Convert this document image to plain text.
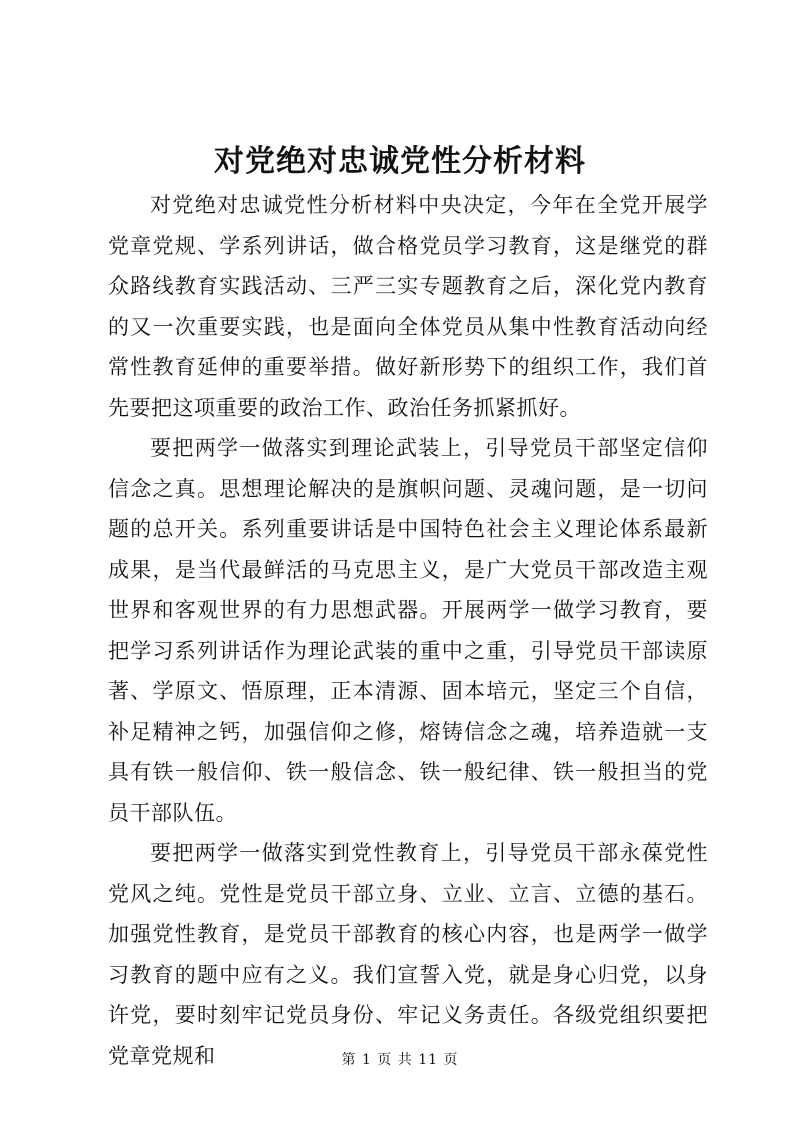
对党绝对忠诚党性分析材料

对党绝对忠诚党性分析材料中央决定，今年在全党开展学党章党规、学系列讲话，做合格党员学习教育，这是继党的群众路线教育实践活动、三严三实专题教育之后，深化党内教育的又一次重要实践，也是面向全体党员从集中性教育活动向经常性教育延伸的重要举措。做好新形势下的组织工作，我们首先要把这项重要的政治工作、政治任务抓紧抓好。

要把两学一做落实到理论武装上，引导党员干部坚定信仰信念之真。思想理论解决的是旗帜问题、灵魂问题，是一切问题的总开关。系列重要讲话是中国特色社会主义理论体系最新成果，是当代最鲜活的马克思主义，是广大党员干部改造主观世界和客观世界的有力思想武器。开展两学一做学习教育，要把学习系列讲话作为理论武装的重中之重，引导党员干部读原著、学原文、悟原理，正本清源、固本培元，坚定三个自信，补足精神之钙，加强信仰之修，熔铸信念之魂，培养造就一支具有铁一般信仰、铁一般信念、铁一般纪律、铁一般担当的党员干部队伍。

要把两学一做落实到党性教育上，引导党员干部永葆党性党风之纯。党性是党员干部立身、立业、立言、立德的基石。加强党性教育，是党员干部教育的核心内容，也是两学一做学习教育的题中应有之义。我们宣誓入党，就是身心归党，以身许党，要时刻牢记党员身份、牢记义务责任。各级党组织要把党章党规和	第 1 页 共 11 页
